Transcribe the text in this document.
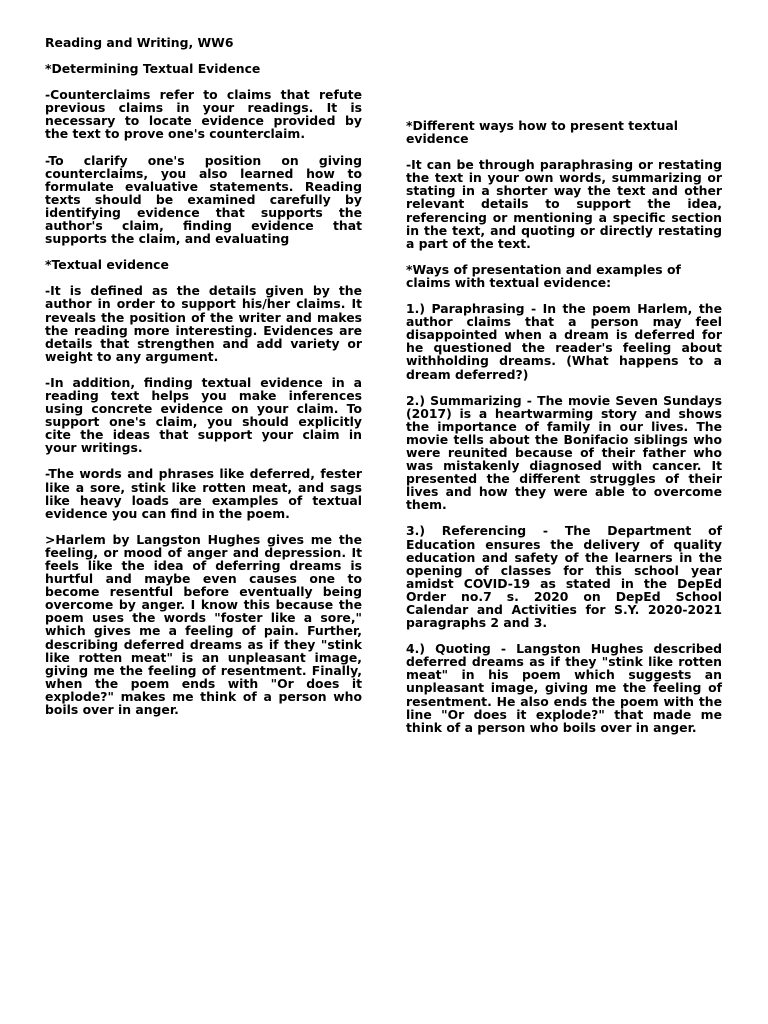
Reading and Writing, WW6

*Determining Textual Evidence

-Counterclaims refer to claims that refute previous claims in your readings. It is necessary to locate evidence provided by the text to prove one's counterclaim.

-To clarify one's position on giving counterclaims, you also learned how to formulate evaluative statements. Reading texts should be examined carefully by identifying evidence that supports the author's claim, finding evidence that supports the claim, and evaluating

*Textual evidence

-It is defined as the details given by the author in order to support his/her claims. It reveals the position of the writer and makes the reading more interesting. Evidences are details that strengthen and add variety or weight to any argument.

-In addition, finding textual evidence in a reading text helps you make inferences using concrete evidence on your claim. To support one's claim, you should explicitly cite the ideas that support your claim in your writings.

-The words and phrases like deferred, fester like a sore, stink like rotten meat, and sags like heavy loads are examples of textual evidence you can find in the poem.

>Harlem by Langston Hughes gives me the feeling, or mood of anger and depression. It feels like the idea of deferring dreams is hurtful and maybe even causes one to become resentful before eventually being overcome by anger. I know this because the poem uses the words "foster like a sore," which gives me a feeling of pain. Further, describing deferred dreams as if they "stink like rotten meat" is an unpleasant image, giving me the feeling of resentment. Finally, when the poem ends with "Or does it explode?" makes me think of a person who boils over in anger.

*Different ways how to present textual evidence

-It can be through paraphrasing or restating the text in your own words, summarizing or stating in a shorter way the text and other relevant details to support the idea, referencing or mentioning a specific section in the text, and quoting or directly restating a part of the text.

*Ways of presentation and examples of claims with textual evidence:

1.) Paraphrasing - In the poem Harlem, the author claims that a person may feel disappointed when a dream is deferred for he questioned the reader's feeling about withholding dreams. (What happens to a dream deferred?)

2.) Summarizing - The movie Seven Sundays (2017) is a heartwarming story and shows the importance of family in our lives. The movie tells about the Bonifacio siblings who were reunited because of their father who was mistakenly diagnosed with cancer. It presented the different struggles of their lives and how they were able to overcome them.

3.) Referencing - The Department of Education ensures the delivery of quality education and safety of the learners in the opening of classes for this school year amidst COVID-19 as stated in the DepEd Order no.7 s. 2020 on DepEd School Calendar and Activities for S.Y. 2020-2021 paragraphs 2 and 3.

4.) Quoting - Langston Hughes described deferred dreams as if they "stink like rotten meat" in his poem which suggests an unpleasant image, giving me the feeling of resentment. He also ends the poem with the line "Or does it explode?" that made me think of a person who boils over in anger.
